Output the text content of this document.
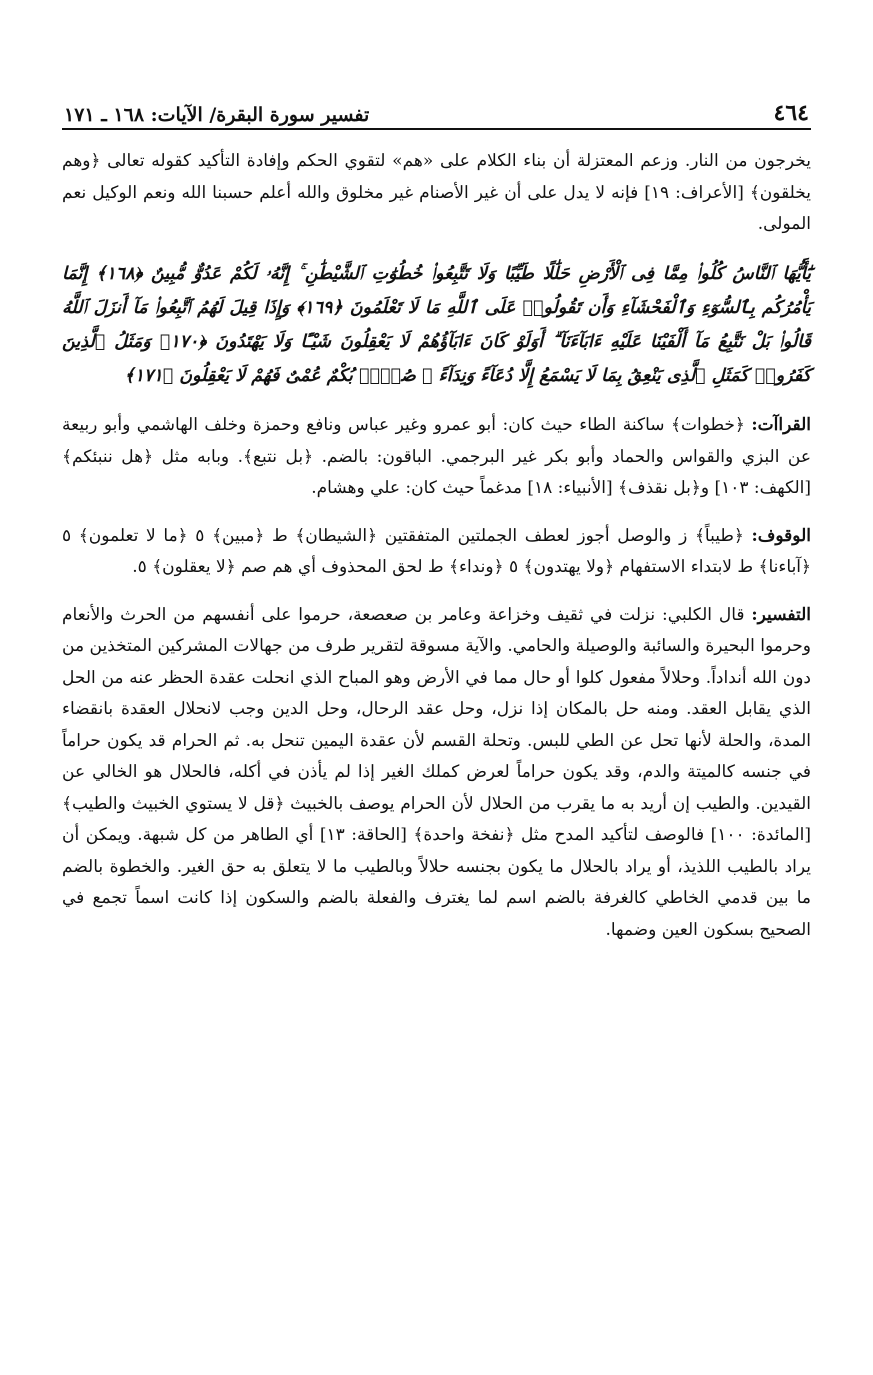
٤٦٤
تفسير سورة البقرة/ الآيات: ١٦٨ ـ ١٧١

يخرجون من النار. وزعم المعتزلة أن بناء الكلام على «هم» لتقوي الحكم وإفادة التأكيد كقوله تعالى ﴿وهم يخلقون﴾ [الأعراف: ١٩] فإنه لا يدل على أن غير الأصنام غير مخلوق والله أعلم حسبنا الله ونعم الوكيل نعم المولى.

يَٰٓأَيُّهَا ٱلنَّاسُ كُلُوا۟ مِمَّا فِى ٱلْأَرْضِ حَلَٰلًا طَيِّبًا وَلَا تَتَّبِعُوا۟ خُطُوَٰتِ ٱلشَّيْطَٰنِ ۚ إِنَّهُۥ لَكُمْ عَدُوٌّ مُّبِينٌ ﴿١٦٨﴾ إِنَّمَا يَأْمُرُكُم بِٱلسُّوٓءِ وَٱلْفَحْشَآءِ وَأَن تَقُولُوا۟ عَلَى ٱللَّهِ مَا لَا تَعْلَمُونَ ﴿١٦٩﴾ وَإِذَا قِيلَ لَهُمُ ٱتَّبِعُوا۟ مَآ أَنزَلَ ٱللَّهُ قَالُوا۟ بَلْ نَتَّبِعُ مَآ أَلْفَيْنَا عَلَيْهِ ءَابَآءَنَآ ۗ أَوَلَوْ كَانَ ءَابَآؤُهُمْ لَا يَعْقِلُونَ شَيْـًٔا وَلَا يَهْتَدُونَ ﴿١٧٠﴾ وَمَثَلُ ٱلَّذِينَ كَفَرُوا۟ كَمَثَلِ ٱلَّذِى يَنْعِقُ بِمَا لَا يَسْمَعُ إِلَّا دُعَآءً وَنِدَآءً ۚ صُمٌّۢ بُكْمٌ عُمْىٌ فَهُمْ لَا يَعْقِلُونَ ﴿١٧١﴾

القراآت: ﴿خطوات﴾ ساكنة الطاء حيث كان: أبو عمرو وغير عباس ونافع وحمزة وخلف الهاشمي وأبو ربيعة عن البزي والقواس والحماد وأبو بكر غير البرجمي. الباقون: بالضم. ﴿بل نتبع﴾. وبابه مثل ﴿هل ننبئكم﴾ [الكهف: ١٠٣] و﴿بل نقذف﴾ [الأنبياء: ١٨] مدغماً حيث كان: علي وهشام.

الوقوف: ﴿طيباً﴾ ز والوصل أجوز لعطف الجملتين المتفقتين ﴿الشيطان﴾ ط ﴿مبين﴾ ٥ ﴿ما لا تعلمون﴾ ٥ ﴿آباءنا﴾ ط لابتداء الاستفهام ﴿ولا يهتدون﴾ ٥ ﴿ونداء﴾ ط لحق المحذوف أي هم صم ﴿لا يعقلون﴾ ٥.

التفسير: قال الكلبي: نزلت في ثقيف وخزاعة وعامر بن صعصعة، حرموا على أنفسهم من الحرث والأنعام وحرموا البحيرة والسائبة والوصيلة والحامي. والآية مسوقة لتقرير طرف من جهالات المشركين المتخذين من دون الله أنداداً. وحلالاً مفعول كلوا أو حال مما في الأرض وهو المباح الذي انحلت عقدة الحظر عنه من الحل الذي يقابل العقد. ومنه حل بالمكان إذا نزل، وحل عقد الرحال، وحل الدين وجب لانحلال العقدة بانقضاء المدة، والحلة لأنها تحل عن الطي للبس. وتحلة القسم لأن عقدة اليمين تنحل به. ثم الحرام قد يكون حراماً في جنسه كالميتة والدم، وقد يكون حراماً لعرض كملك الغير إذا لم يأذن في أكله، فالحلال هو الخالي عن القيدين. والطيب إن أريد به ما يقرب من الحلال لأن الحرام يوصف بالخبيث ﴿قل لا يستوي الخبيث والطيب﴾ [المائدة: ١٠٠] فالوصف لتأكيد المدح مثل ﴿نفخة واحدة﴾ [الحاقة: ١٣] أي الطاهر من كل شبهة. ويمكن أن يراد بالطيب اللذيذ، أو يراد بالحلال ما يكون بجنسه حلالاً وبالطيب ما لا يتعلق به حق الغير. والخطوة بالضم ما بين قدمي الخاطي كالغرفة بالضم اسم لما يغترف والفعلة بالضم والسكون إذا كانت اسماً تجمع في الصحيح بسكون العين وضمها.
